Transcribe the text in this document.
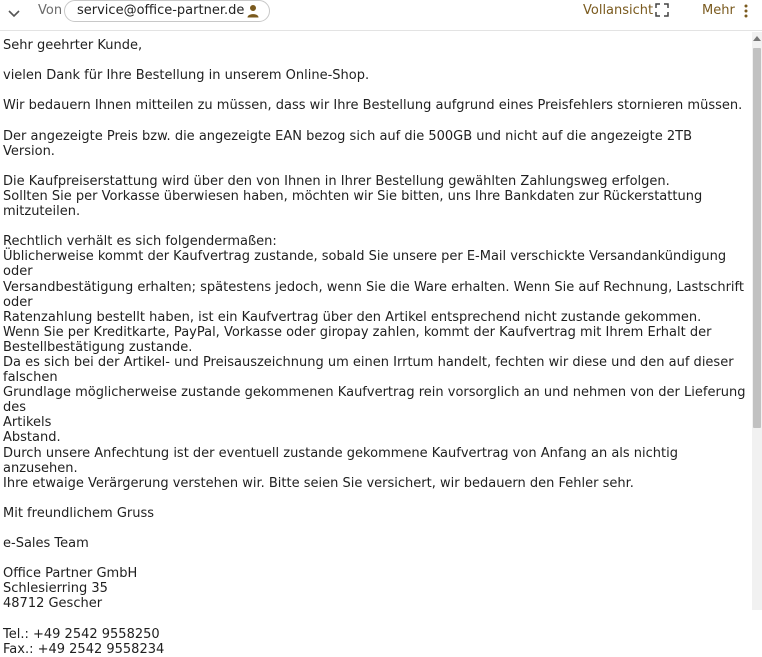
Von	service@office-partner.de	Vollansicht	Mehr

Sehr geehrter Kunde,

vielen Dank für Ihre Bestellung in unserem Online-Shop.

Wir bedauern Ihnen mitteilen zu müssen, dass wir Ihre Bestellung aufgrund eines Preisfehlers stornieren müssen.

Der angezeigte Preis bzw. die angezeigte EAN bezog sich auf die 500GB und nicht auf die angezeigte 2TB Version.

Die Kaufpreiserstattung wird über den von Ihnen in Ihrer Bestellung gewählten Zahlungsweg erfolgen.

Sollten Sie per Vorkasse überwiesen haben, möchten wir Sie bitten, uns Ihre Bankdaten zur Rückerstattung

mitzuteilen.

Rechtlich verhält es sich folgendermaßen:

Üblicherweise kommt der Kaufvertrag zustande, sobald Sie unsere per E-Mail verschickte Versandankündigung oder

Versandbestätigung erhalten; spätestens jedoch, wenn Sie die Ware erhalten. Wenn Sie auf Rechnung, Lastschrift

oder

Ratenzahlung bestellt haben, ist ein Kaufvertrag über den Artikel entsprechend nicht zustande gekommen.

Wenn Sie per Kreditkarte, PayPal, Vorkasse oder giropay zahlen, kommt der Kaufvertrag mit Ihrem Erhalt der

Bestellbestätigung zustande.

Da es sich bei der Artikel- und Preisauszeichnung um einen Irrtum handelt, fechten wir diese und den auf dieser

falschen

Grundlage möglicherweise zustande gekommenen Kaufvertrag rein vorsorglich an und nehmen von der Lieferung des

Artikels

Abstand.

Durch unsere Anfechtung ist der eventuell zustande gekommene Kaufvertrag von Anfang an als nichtig anzusehen.

Ihre etwaige Verärgerung verstehen wir. Bitte seien Sie versichert, wir bedauern den Fehler sehr.

Mit freundlichem Gruss

e-Sales Team

Office Partner GmbH

Schlesierring 35

48712 Gescher

Tel.: +49 2542 9558250

Fax.: +49 2542 9558234
